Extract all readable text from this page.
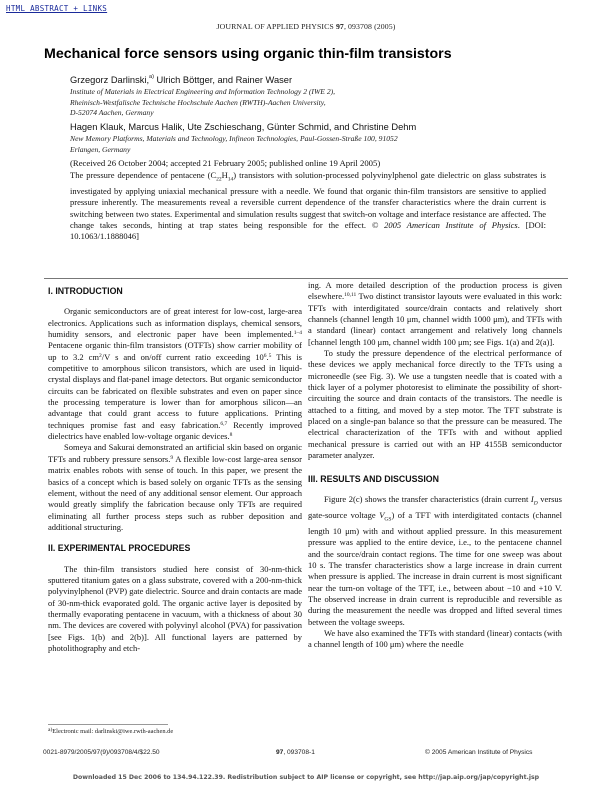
HTML ABSTRACT + LINKS
JOURNAL OF APPLIED PHYSICS 97, 093708 (2005)
Mechanical force sensors using organic thin-film transistors
Grzegorz Darlinski,$^{a)}$ Ulrich Böttger, and Rainer Waser
Institute of Materials in Electrical Engineering and Information Technology 2 (IWE 2),
Rheinisch-Westfalische Technische Hochschule Aachen (RWTH)-Aachen University,
D-52074 Aachen, Germany
Hagen Klauk, Marcus Halik, Ute Zschieschang, Günter Schmid, and Christine Dehm
New Memory Platforms, Materials and Technology, Infineon Technologies, Paul-Gossen-Straße 100, 91052
Erlangen, Germany
(Received 26 October 2004; accepted 21 February 2005; published online 19 April 2005)
The pressure dependence of pentacene $(C_{22}H_{14})$ transistors with solution-processed polyvinylphenol gate dielectric on glass substrates is investigated by applying uniaxial mechanical pressure with a needle. We found that organic thin-film transistors are sensitive to applied pressure inherently. The measurements reveal a reversible current dependence of the transfer characteristics where the drain current is switching between two states. Experimental and simulation results suggest that switch-on voltage and interface resistance are affected. The change takes seconds, hinting at trap states being responsible for the effect. © 2005 American Institute of Physics. [DOI: 10.1063/1.1888046]
I. INTRODUCTION

Organic semiconductors are of great interest for low-cost, large-area electronics. Applications such as information displays, chemical sensors, humidity sensors, and electronic paper have been implemented.$^{1-4}$ Pentacene organic thin-film transistors (OTFTs) show carrier mobility of up to 3.2 $cm^2/V$ s and on/off current ratio exceeding $10^6.^5$ This is competitive to amorphous silicon transistors, which are used in liquid-crystal displays and flat-panel image detectors. But organic semiconductor circuits can be fabricated on flexible substrates and even on paper since the processing temperature is lower than for amorphous silicon—an advantage that could grant access to future applications. Printing techniques promise fast and easy fabrication.$^{6,7}$ Recently improved dielectrics have enabled low-voltage organic devices.$^8$

Someya and Sakurai demonstrated an artificial skin based on organic TFTs and rubbery pressure sensors.$^9$ A flexible low-cost large-area sensor matrix enables robots with sense of touch. In this paper, we present the basics of a concept which is based solely on organic TFTs as the sensing element, without the need of any additional sensor element. Our approach would greatly simplify the fabrication because only TFTs are required eliminating all further process steps such as rubber deposition and additional structuring.

II. EXPERIMENTAL PROCEDURES

The thin-film transistors studied here consist of 30-nm-thick sputtered titanium gates on a glass substrate, covered with a 200-nm-thick polyvinylphenol (PVP) gate dielectric. Source and drain contacts are made of 30-nm-thick evaporated gold. The organic active layer is deposited by thermally evaporating pentacene in vacuum, with a thickness of about 30 nm. The devices are covered with polyvinyl alcohol (PVA) for passivation [see Figs. 1(b) and 2(b)]. All functional layers are patterned by photolithography and etch-

ing. A more detailed description of the production process is given elsewhere.$^{10,11}$ Two distinct transistor layouts were evaluated in this work: TFTs with interdigitated source/drain contacts and relatively short channels (channel length 10 μm, channel width 1000 μm), and TFTs with a standard (linear) contact arrangement and relatively long channels [channel length 100 μm, channel width 100 μm; see Figs. 1(a) and 2(a)].

To study the pressure dependence of the electrical performance of these devices we apply mechanical force directly to the TFTs using a microneedle (see Fig. 3). We use a tungsten needle that is coated with a thick layer of a polymer photoresist to eliminate the possibility of short-circuiting the source and drain contacts of the transistors. The needle is attached to a fitting, and moved by a step motor. The TFT substrate is placed on a single-pan balance so that the pressure can be measured. The electrical characterization of the TFTs with and without applied mechanical pressure is carried out with an HP 4155B semiconductor parameter analyzer.

III. RESULTS AND DISCUSSION

Figure 2(c) shows the transfer characteristics (drain current $I_D$ versus gate-source voltage $V_{GS}$) of a TFT with interdigitated contacts (channel length 10 μm) with and without applied pressure. In this measurement pressure was applied to the entire device, i.e., to the pentacene channel and the source/drain contact regions. The time for one sweep was about 10 s. The transfer characteristics show a large increase in drain current when pressure is applied. The increase in drain current is most significant near the turn-on voltage of the TFT, i.e., between about −10 and +10 V. The observed increase in drain current is reproducible and reversible as during the measurement the needle was dropped and lifted several times between the voltage sweeps.

We have also examined the TFTs with standard (linear) contacts (with a channel length of 100 μm) where the needle

$^{a)}$Electronic mail: darlinski@iwe.rwth-aachen.de
0021-8979/2005/97(9)/093708/4/$22.50	97, 093708-1	© 2005 American Institute of Physics
Downloaded 15 Dec 2006 to 134.94.122.39. Redistribution subject to AIP license or copyright, see http://jap.aip.org/jap/copyright.jsp
